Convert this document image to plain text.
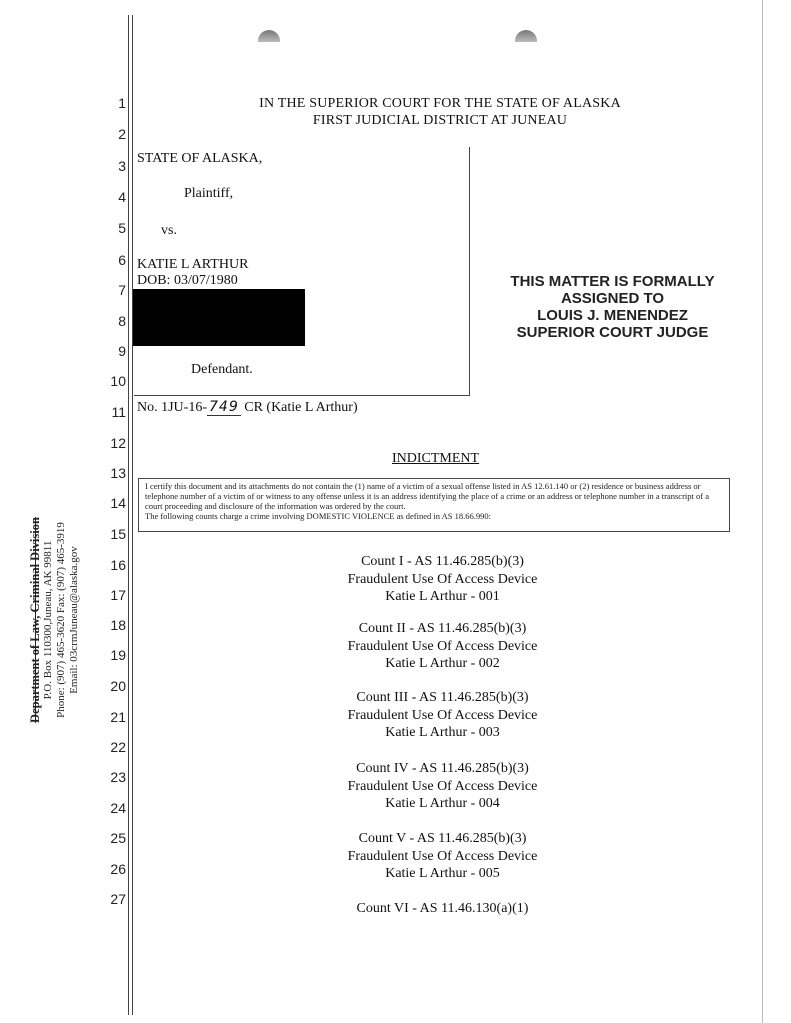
1
2
3
4
5
6
7
8
9
10
11
12
13
14
15
16
17
18
19
20
21
22
23
24
25
26
27
IN THE SUPERIOR COURT FOR THE STATE OF ALASKA
FIRST JUDICIAL DISTRICT AT JUNEAU
STATE OF ALASKA,
Plaintiff,
vs.
KATIE L ARTHUR
DOB: 03/07/1980
Defendant.
No. 1JU-16- 749 CR (Katie L Arthur)
THIS MATTER IS FORMALLY
ASSIGNED TO
LOUIS J. MENENDEZ
SUPERIOR COURT JUDGE
INDICTMENT
I certify this document and its attachments do not contain the (1) name of a victim of a sexual offense listed in AS 12.61.140 or (2) residence or business address or telephone number of a victim of or witness to any offense unless it is an address identifying the place of a crime or an address or telephone number in a transcript of a court proceeding and disclosure of the information was ordered by the court.
The following counts charge a crime involving DOMESTIC VIOLENCE as defined in AS 18.66.990:
Count I - AS 11.46.285(b)(3)
Fraudulent Use Of Access Device
Katie L Arthur - 001
Count II - AS 11.46.285(b)(3)
Fraudulent Use Of Access Device
Katie L Arthur - 002
Count III - AS 11.46.285(b)(3)
Fraudulent Use Of Access Device
Katie L Arthur - 003
Count IV - AS 11.46.285(b)(3)
Fraudulent Use Of Access Device
Katie L Arthur - 004
Count V - AS 11.46.285(b)(3)
Fraudulent Use Of Access Device
Katie L Arthur - 005
Count VI - AS 11.46.130(a)(1)
Department of Law, Criminal Division P.O. Box 110300,Juneau, AK 99811 Phone: (907) 465-3620 Fax: (907) 465-3919 Email: 03crmJuneau@alaska.gov
